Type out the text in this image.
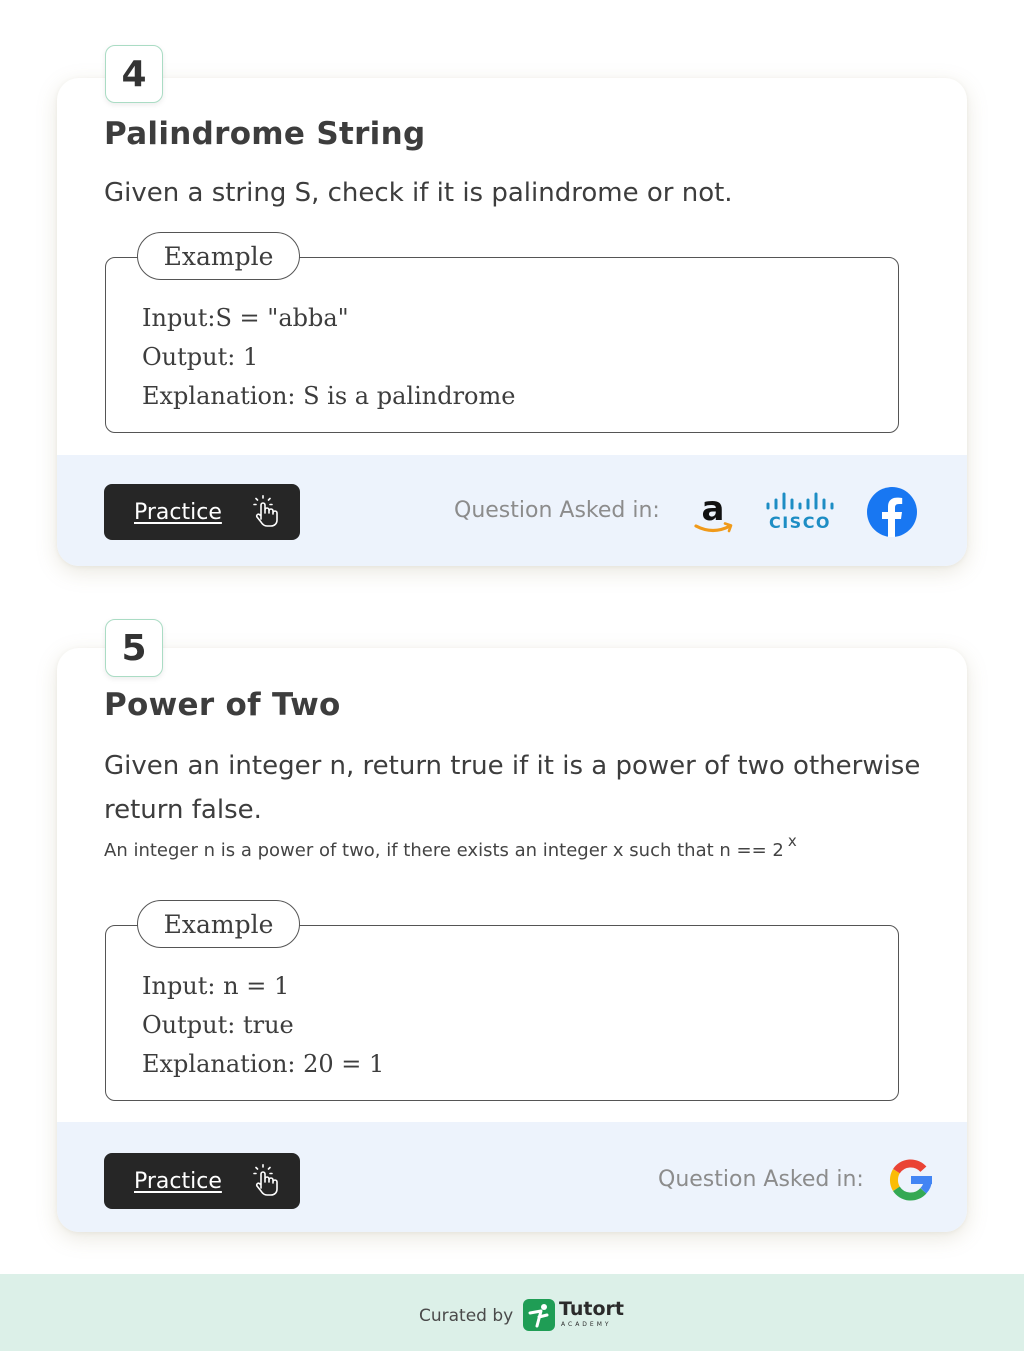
4
Palindrome String
Given a string S, check if it is palindrome or not.
Example
Input:S = "abba"
Output: 1
Explanation: S is a palindrome
Practice	Question Asked in: a	CISCO
5
Power of Two
Given an integer n, return true if it is a power of two otherwise return false.
An integer n is a power of two, if there exists an integer x such that n == 2 $^x$
Example
Input: n = 1
Output: true
Explanation: 20 = 1
Practice	Question Asked in:
Curated by Tutort
ACADEMY
